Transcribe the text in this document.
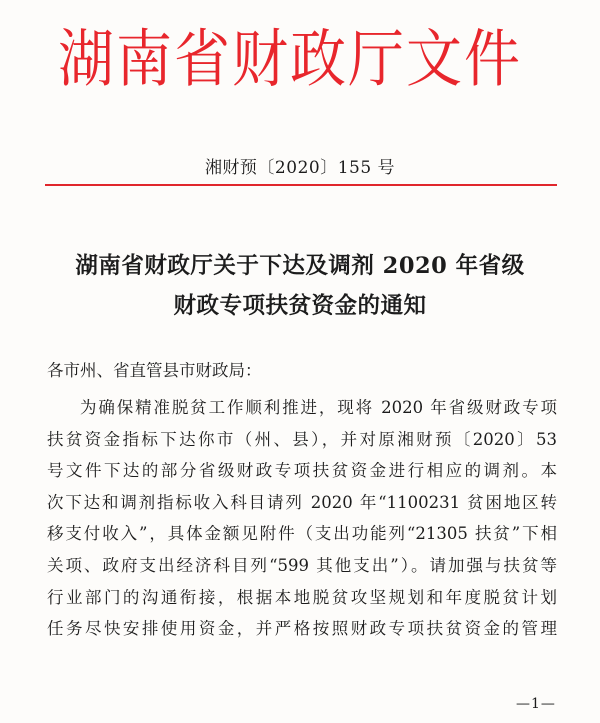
湖南省财政厅文件
湘财预〔2020〕155 号
湖南省财政厅关于下达及调剂 2020 年省级
财政专项扶贫资金的通知
各市州、省直管县市财政局：
为确保精准脱贫工作顺利推进，现将 2020 年省级财政专项
扶贫资金指标下达你市（州、县），并对原湘财预〔2020〕53
号文件下达的部分省级财政专项扶贫资金进行相应的调剂。本
次下达和调剂指标收入科目请列 2020 年“1100231 贫困地区转
移支付收入”，具体金额见附件（支出功能列“21305 扶贫”下相
关项、政府支出经济科目列“599 其他支出”）。请加强与扶贫等
行业部门的沟通衔接，根据本地脱贫攻坚规划和年度脱贫计划
任务尽快安排使用资金，并严格按照财政专项扶贫资金的管理
—1—
